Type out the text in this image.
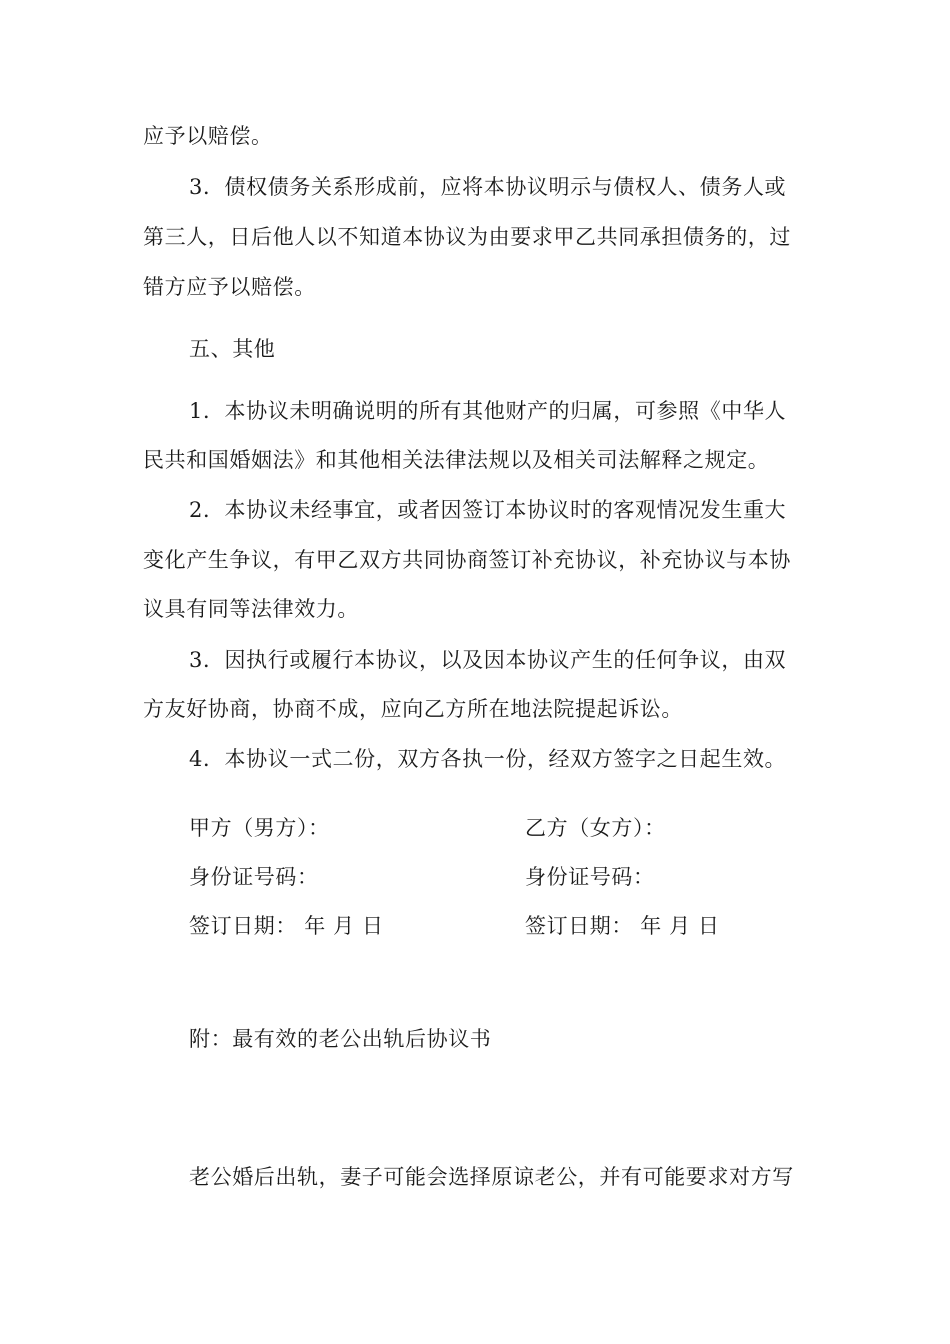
应予以赔偿。
3．债权债务关系形成前，应将本协议明示与债权人、债务人或
第三人，日后他人以不知道本协议为由要求甲乙共同承担债务的，过
错方应予以赔偿。
五、其他
1．本协议未明确说明的所有其他财产的归属，可参照《中华人
民共和国婚姻法》和其他相关法律法规以及相关司法解释之规定。
2．本协议未经事宜，或者因签订本协议时的客观情况发生重大
变化产生争议，有甲乙双方共同协商签订补充协议，补充协议与本协
议具有同等法律效力。
3．因执行或履行本协议，以及因本协议产生的任何争议，由双
方友好协商，协商不成，应向乙方所在地法院提起诉讼。
4．本协议一式二份，双方各执一份，经双方签字之日起生效。
甲方（男方）：	乙方（女方）：
身份证号码：	身份证号码：
签订日期： 年 月 日	签订日期： 年 月 日
附：最有效的老公出轨后协议书
老公婚后出轨，妻子可能会选择原谅老公，并有可能要求对方写
